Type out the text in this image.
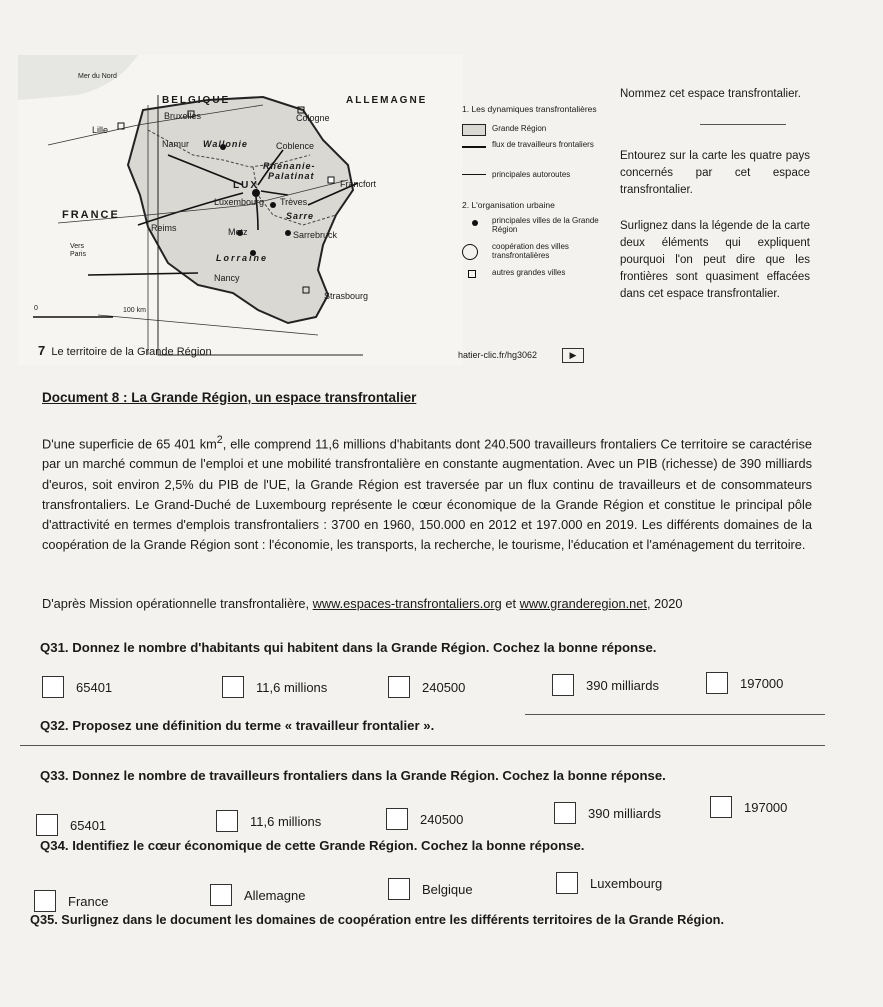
Mer du Nord
BELGIQUE	ALLEMAGNE
Bruxelles	Cologne
Lille
Namur Wallonie	Coblence
Rhénanie-
Palatinat
LUX	Francfort
Luxembourg Trèves
FRANCE
Reims
Sarre
Metz	Sarrebruck
Vers Paris	Lorraine
Nancy
Strasbourg
0	100 km
7 Le territoire de la Grande Région
1. Les dynamiques transfrontalières
Grande Région
flux de travailleurs frontaliers
principales autoroutes
2. L'organisation urbaine
principales villes de la Grande Région
coopération des villes transfrontalières
autres grandes villes
hatier-clic.fr/hg3062	▶
Nommez cet espace transfrontalier.
Entourez sur la carte les quatre pays concernés par cet espace transfrontalier.
Surlignez dans la légende de la carte deux éléments qui expliquent pourquoi l'on peut dire que les frontières sont quasiment effacées dans cet espace transfrontalier.
Document 8 : La Grande Région, un espace transfrontalier

D'une superficie de 65 401 $km^2$, elle comprend 11,6 millions d'habitants dont 240.500 travailleurs frontaliers Ce territoire se caractérise par un marché commun de l'emploi et une mobilité transfrontalière en constante augmentation. Avec un PIB (richesse) de 390 milliards d'euros, soit environ 2,5% du PIB de l'UE, la Grande Région est traversée par un flux continu de travailleurs et de consommateurs transfrontaliers. Le Grand-Duché de Luxembourg représente le cœur économique de la Grande Région et constitue le principal pôle d'attractivité en termes d'emplois transfrontaliers : 3700 en 1960, 150.000 en 2012 et 197.000 en 2019. Les différents domaines de la coopération de la Grande Région sont : l'économie, les transports, la recherche, le tourisme, l'éducation et l'aménagement du territoire.

D'après Mission opérationnelle transfrontalière, www.espaces-transfrontaliers.org et www.granderegion.net, 2020
Q31. Donnez le nombre d'habitants qui habitent dans la Grande Région. Cochez la bonne réponse.
65401	11,6 millions	240500	390 milliards	197000
Q32. Proposez une définition du terme « travailleur frontalier ».
Q33. Donnez le nombre de travailleurs frontaliers dans la Grande Région. Cochez la bonne réponse.
65401	11,6 millions	240500	390 milliards	197000
Q34. Identifiez le cœur économique de cette Grande Région. Cochez la bonne réponse.
France	Allemagne	Belgique	Luxembourg
Q35. Surlignez dans le document les domaines de coopération entre les différents territoires de la Grande Région.
